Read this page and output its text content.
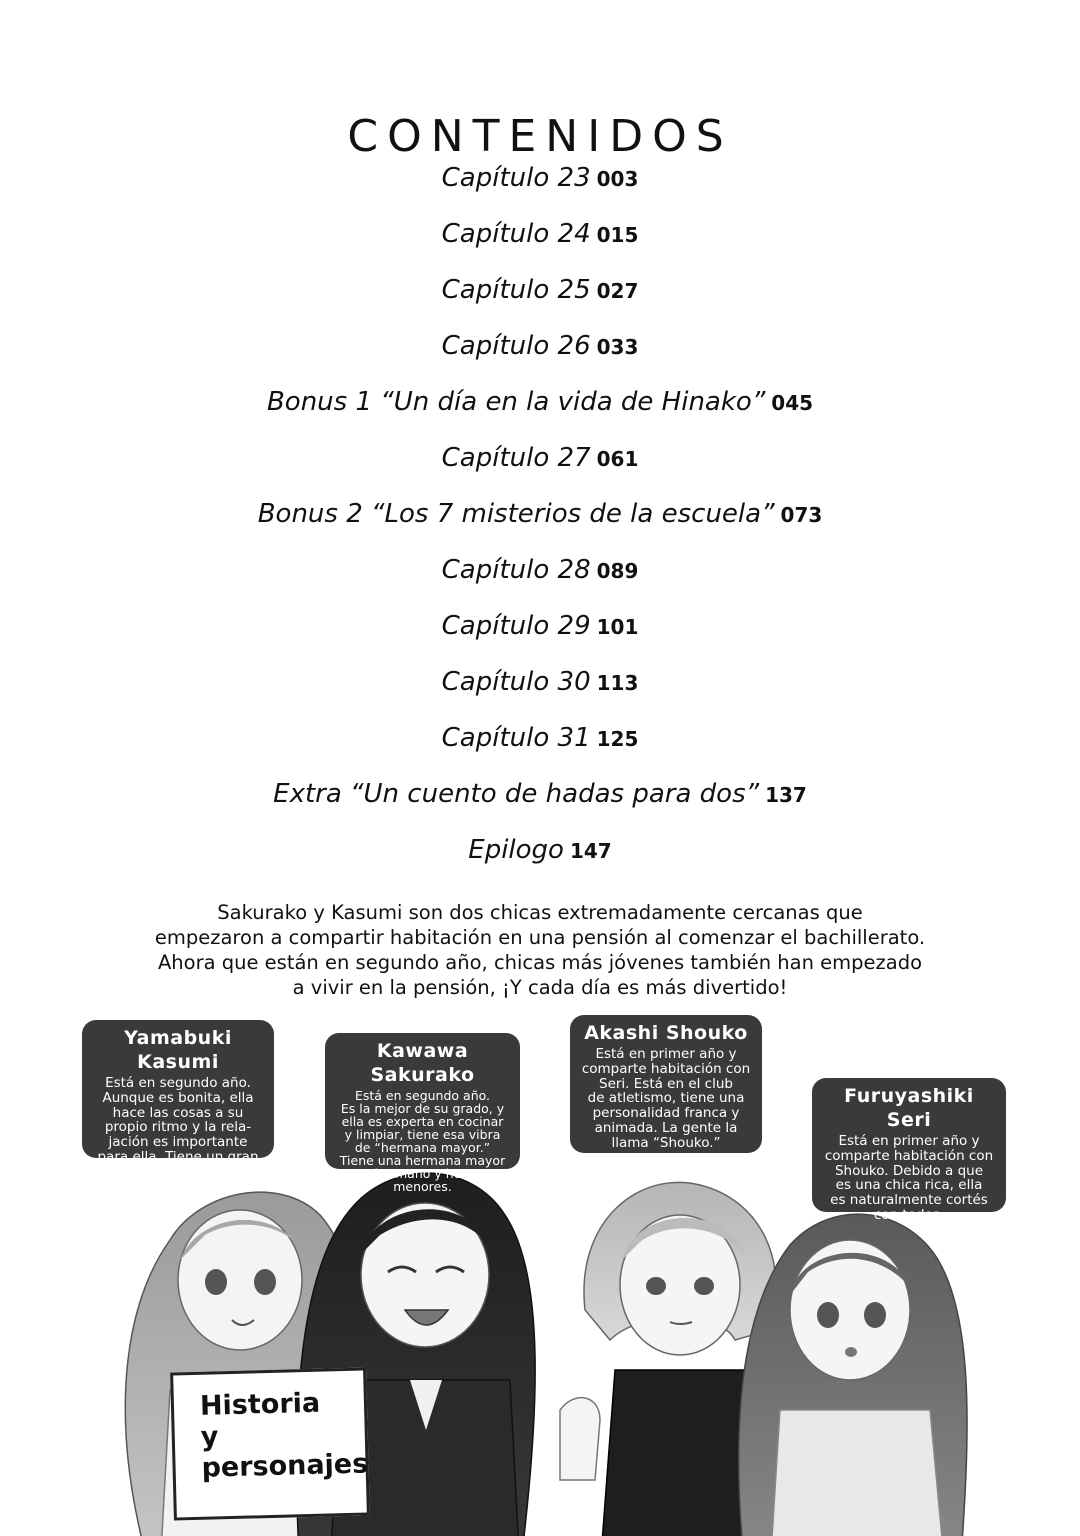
CONTENIDOS
Capítulo 23 003
Capítulo 24 015
Capítulo 25 027
Capítulo 26 033
Bonus 1 “Un día en la vida de Hinako” 045
Capítulo 27 061
Bonus 2 “Los 7 misterios de la escuela” 073
Capítulo 28 089
Capítulo 29 101
Capítulo 30 113
Capítulo 31 125
Extra “Un cuento de hadas para dos” 137
Epilogo 147
Sakurako y Kasumi son dos chicas extremadamente cercanas que
empezaron a compartir habitación en una pensión al comenzar el bachillerato.
Ahora que están en segundo año, chicas más jóvenes también han empezado
a vivir en la pensión, ¡Y cada día es más divertido!
Yamabuki Kasumi
Está en segundo año.
Aunque es bonita, ella
hace las cosas a su
propio ritmo y la rela-
jación es importante
para ella. Tiene un gran
apetito.
Kawawa Sakurako
Está en segundo año.
Es la mejor de su grado, y
ella es experta en cocinar
y limpiar, tiene esa vibra
de “hermana mayor.”
Tiene una hermana mayor
y un hermano y hermana
menores.
Akashi Shouko
Está en primer año y
comparte habitación con
Seri. Está en el club
de atletismo, tiene una
personalidad franca y
animada. La gente la
llama “Shouko.”
Furuyashiki Seri
Está en primer año y
comparte habitación con
Shouko. Debido a que
es una chica rica, ella
es naturalmente cortés
con todos.
Historia
y
personajes
